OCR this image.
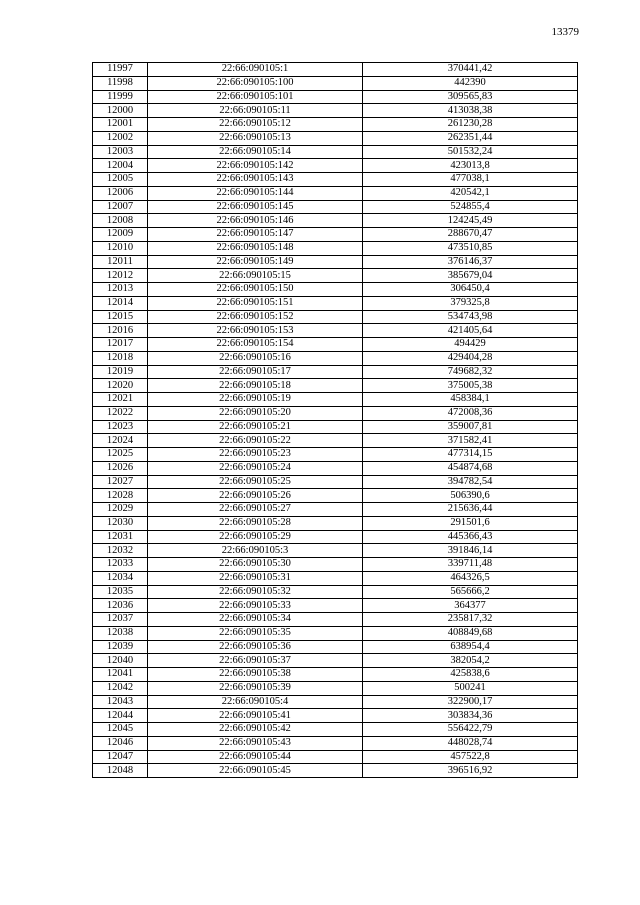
13379
11997	22:66:090105:1	370441,42
11998	22:66:090105:100	442390
11999	22:66:090105:101	309565,83
12000	22:66:090105:11	413038,38
12001	22:66:090105:12	261230,28
12002	22:66:090105:13	262351,44
12003	22:66:090105:14	501532,24
12004	22:66:090105:142	423013,8
12005	22:66:090105:143	477038,1
12006	22:66:090105:144	420542,1
12007	22:66:090105:145	524855,4
12008	22:66:090105:146	124245,49
12009	22:66:090105:147	288670,47
12010	22:66:090105:148	473510,85
12011	22:66:090105:149	376146,37
12012	22:66:090105:15	385679,04
12013	22:66:090105:150	306450,4
12014	22:66:090105:151	379325,8
12015	22:66:090105:152	534743,98
12016	22:66:090105:153	421405,64
12017	22:66:090105:154	494429
12018	22:66:090105:16	429404,28
12019	22:66:090105:17	749682,32
12020	22:66:090105:18	375005,38
12021	22:66:090105:19	458384,1
12022	22:66:090105:20	472008,36
12023	22:66:090105:21	359007,81
12024	22:66:090105:22	371582,41
12025	22:66:090105:23	477314,15
12026	22:66:090105:24	454874,68
12027	22:66:090105:25	394782,54
12028	22:66:090105:26	506390,6
12029	22:66:090105:27	215636,44
12030	22:66:090105:28	291501,6
12031	22:66:090105:29	445366,43
12032	22:66:090105:3	391846,14
12033	22:66:090105:30	339711,48
12034	22:66:090105:31	464326,5
12035	22:66:090105:32	565666,2
12036	22:66:090105:33	364377
12037	22:66:090105:34	235817,32
12038	22:66:090105:35	408849,68
12039	22:66:090105:36	638954,4
12040	22:66:090105:37	382054,2
12041	22:66:090105:38	425838,6
12042	22:66:090105:39	500241
12043	22:66:090105:4	322900,17
12044	22:66:090105:41	303834,36
12045	22:66:090105:42	556422,79
12046	22:66:090105:43	448028,74
12047	22:66:090105:44	457522,8
12048	22:66:090105:45	396516,92
